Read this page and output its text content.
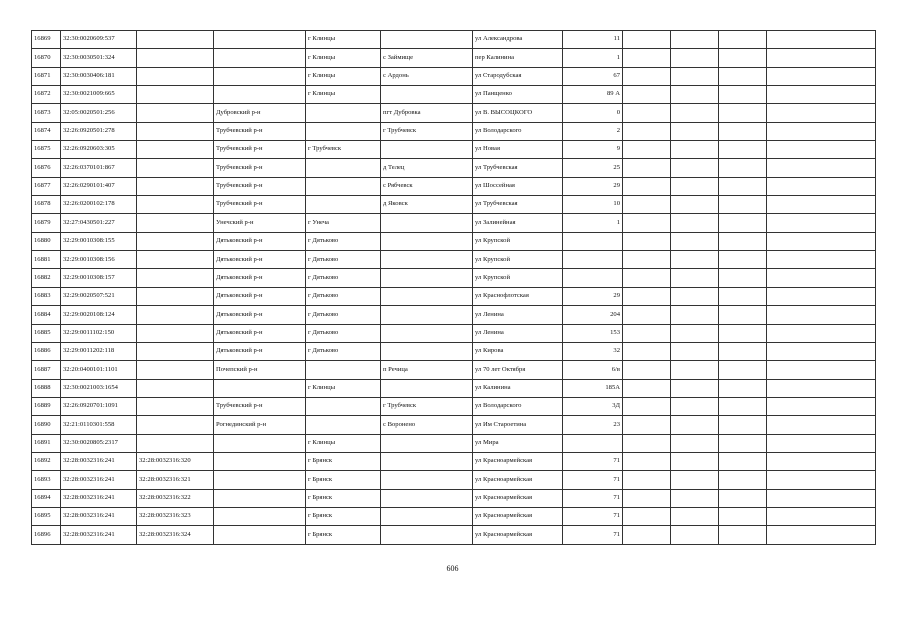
16869	32:30:0020609:537			г Клинцы		ул Александрова	11				
16870	32:30:0030501:324			г Клинцы	с Займище	пер Калинина	1				
16871	32:30:0030406:181			г Клинцы	с Ардонь	ул Стародубская	67				
16872	32:30:0021009:665			г Клинцы		ул Панщенко	89 А				
16873	32:05:0020501:256		Дубровский р-н		пгт Дубровка	ул В. ВЫСОЦКОГО	0				
16874	32:26:0920501:278		Трубчевский р-н		г Трубчевск	ул Володарского	2				
16875	32:26:0920603:305		Трубчевский р-н	г Трубчевск		ул Новая	9				
16876	32:26:0370101:867		Трубчевский р-н		д Телец	ул Трубчевская	25				
16877	32:26:0290101:407		Трубчевский р-н		с Рябчевск	ул Шоссейная	29				
16878	32:26:0200102:178		Трубчевский р-н		д Яковск	ул Трубчевская	10				
16879	32:27:0430501:227		Унечский р-н	г Унеча		ул Залинейная	1				
16880	32:29:0010308:155		Дятьковский р-н	г Дятьково		ул Крупской					
16881	32:29:0010308:156		Дятьковский р-н	г Дятьково		ул Крупской					
16882	32:29:0010308:157		Дятьковский р-н	г Дятьково		ул Крупской					
16883	32:29:0020507:521		Дятьковский р-н	г Дятьково		ул Краснофлотская	29				
16884	32:29:0020108:124		Дятьковский р-н	г Дятьково		ул Ленина	204				
16885	32:29:0011102:150		Дятьковский р-н	г Дятьково		ул Ленина	153				
16886	32:29:0011202:118		Дятьковский р-н	г Дятьково		ул Кирова	32				
16887	32:20:0400101:1101		Почепский р-н		п Речица	ул 70 лет Октября	6/в				
16888	32:30:0021003:1654			г Клинцы		ул Калинина	185А				
16889	32:26:0920701:1091		Трубчевский р-н		г Трубчевск	ул Володарского	3Д				
16890	32:21:0110301:558		Рогнединский р-н		с Воронено	ул Им Староетина	23				
16891	32:30:0020805:2317			г Клинцы		ул Мира					
16892	32:28:0032316:241	32:28:0032316:320		г Брянск		ул Красноармейская	71				
16893	32:28:0032316:241	32:28:0032316:321		г Брянск		ул Красноармейская	71				
16894	32:28:0032316:241	32:28:0032316:322		г Брянск		ул Красноармейская	71				
16895	32:28:0032316:241	32:28:0032316:323		г Брянск		ул Красноармейская	71				
16896	32:28:0032316:241	32:28:0032316:324		г Брянск		ул Красноармейская	71				
606
